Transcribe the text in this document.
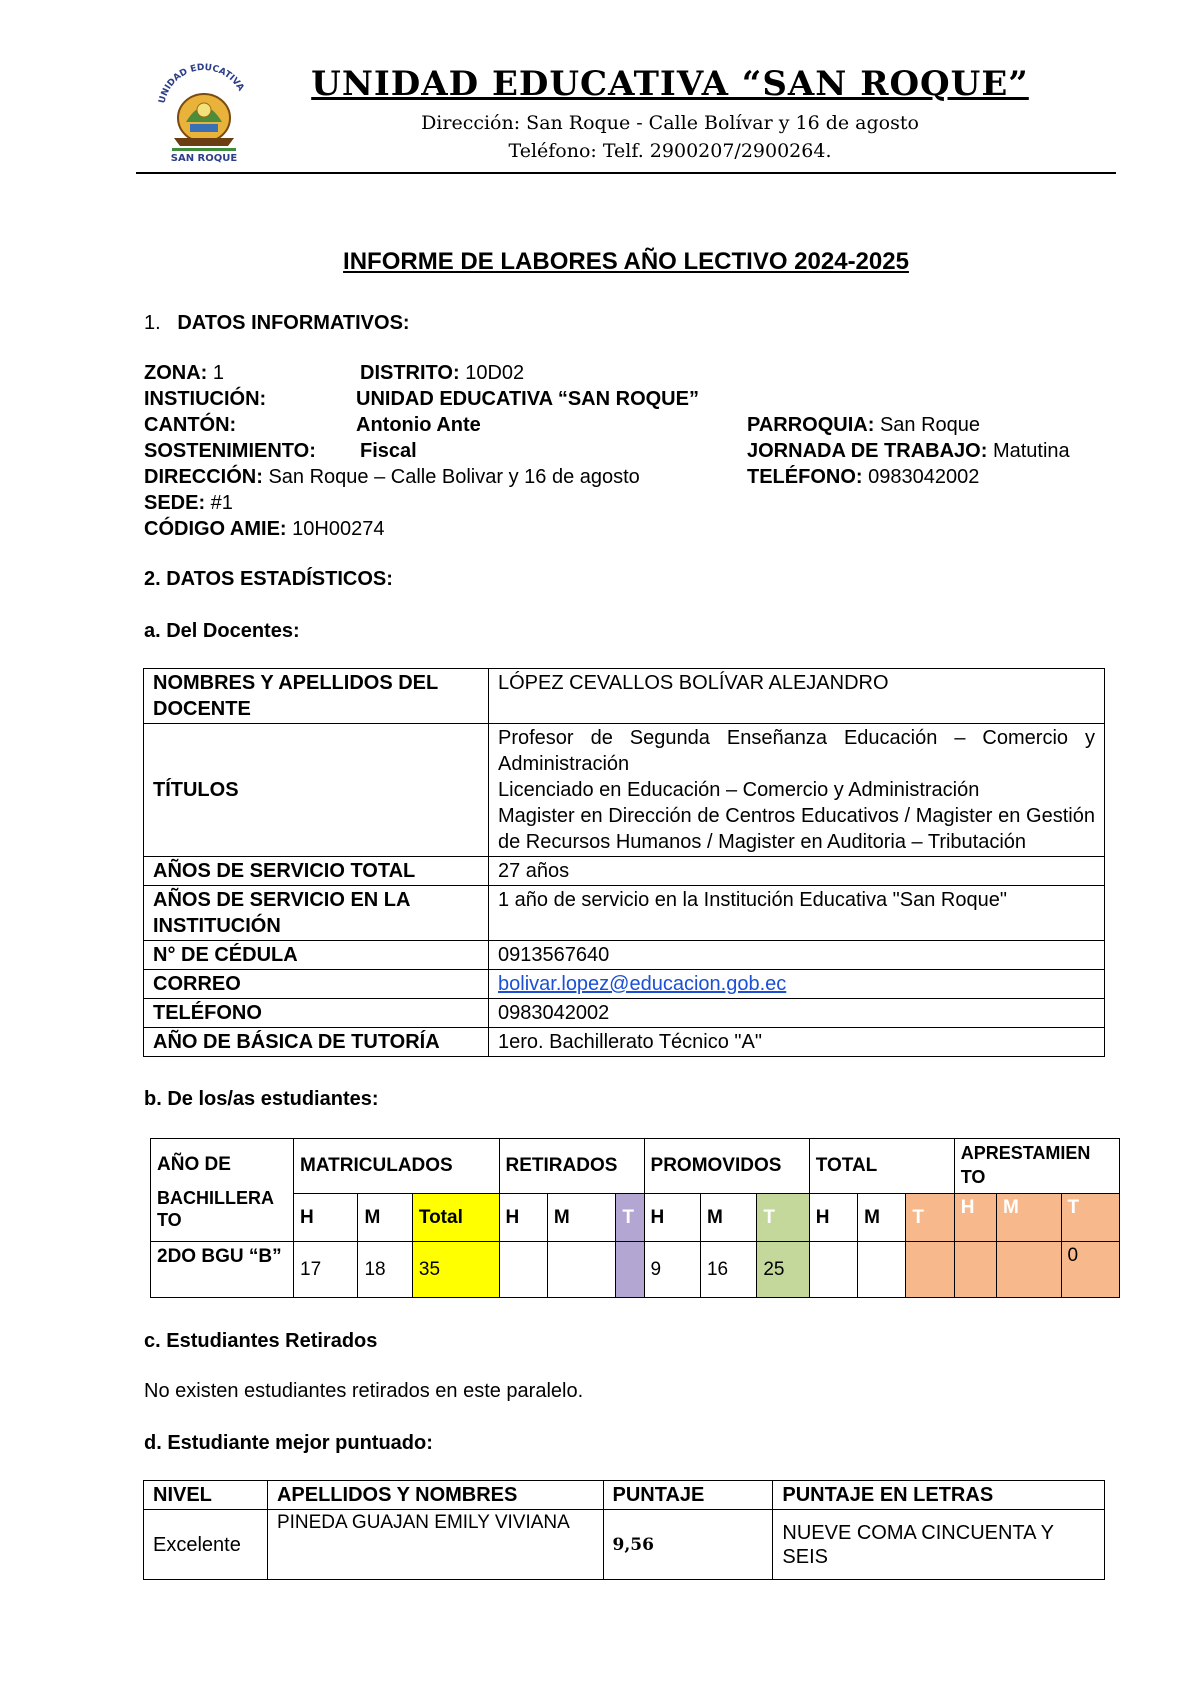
UNIDAD EDUCATIVA
SAN ROQUE
UNIDAD EDUCATIVA “SAN ROQUE”
Dirección: San Roque - Calle Bolívar y 16 de agosto
Teléfono: Telf. 2900207/2900264.
INFORME DE LABORES AÑO LECTIVO 2024-2025
1. DATOS INFORMATIVOS:
ZONA: 1	DISTRITO: 10D02
INSTIUCIÓN:	UNIDAD EDUCATIVA “SAN ROQUE”
CANTÓN:	Antonio Ante	PARROQUIA: San Roque
SOSTENIMIENTO: Fiscal	JORNADA DE TRABAJO: Matutina
DIRECCIÓN: San Roque – Calle Bolivar y 16 de agosto	TELÉFONO: 0983042002
SEDE: #1
CÓDIGO AMIE: 10H00274
2. DATOS ESTADÍSTICOS:
a. Del Docentes:
NOMBRES Y APELLIDOS DEL DOCENTE	LÓPEZ CEVALLOS BOLÍVAR ALEJANDRO
TÍTULOS	Profesor de Segunda Enseñanza Educación – Comercio y Administración
Licenciado en Educación – Comercio y Administración
Magister en Dirección de Centros Educativos / Magister en Gestión de Recursos Humanos / Magister en Auditoria – Tributación

AÑOS DE SERVICIO TOTAL	27 años
AÑOS DE SERVICIO EN LA INSTITUCIÓN	1 año de servicio en la Institución Educativa "San Roque"
N° DE CÉDULA	0913567640
CORREO	bolivar.lopez@educacion.gob.ec
TELÉFONO	0983042002
AÑO DE BÁSICA DE TUTORÍA	1ero. Bachillerato Técnico "A"
b. De los/as estudiantes:
AÑO DE
BACHILLERA TO	MATRICULADOS			RETIRADOS			PROMOVIDOS			TOTAL			APRESTAMIEN TO		
	H	M	Total	H	M	T	H	M	T	H	M	T	H	M	T
2DO BGU “B”	17	18	35				9	16	25						0
c. Estudiantes Retirados
No existen estudiantes retirados en este paralelo.
d. Estudiante mejor puntuado:
NIVEL	APELLIDOS Y NOMBRES	PUNTAJE	PUNTAJE EN LETRAS
Excelente	PINEDA GUAJAN EMILY VIVIANA	9,56	NUEVE COMA CINCUENTA Y SEIS
